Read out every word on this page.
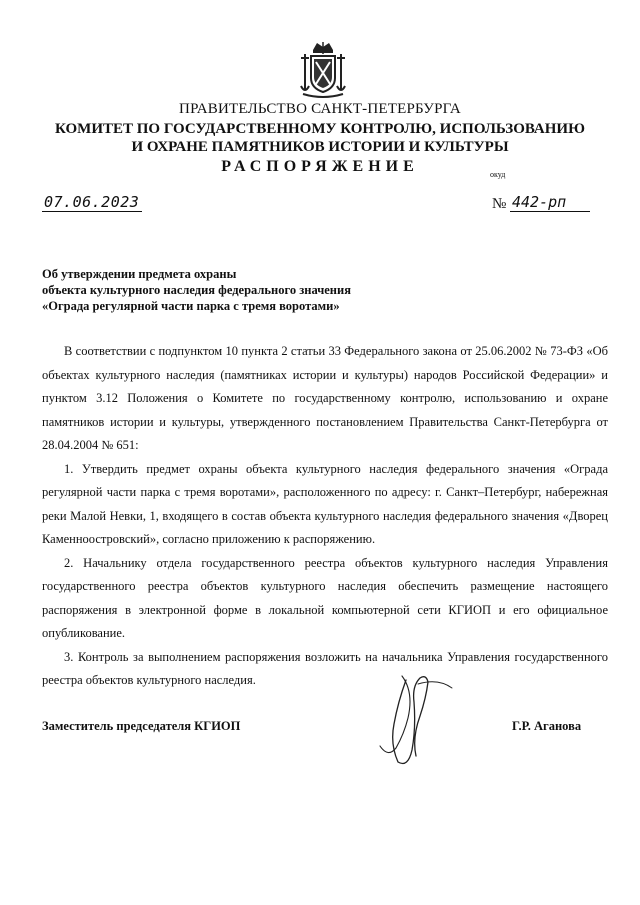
ПРАВИТЕЛЬСТВО САНКТ-ПЕТЕРБУРГА
КОМИТЕТ ПО ГОСУДАРСТВЕННОМУ КОНТРОЛЮ, ИСПОЛЬЗОВАНИЮ
И ОХРАНЕ ПАМЯТНИКОВ ИСТОРИИ И КУЛЬТУРЫ
РАСПОРЯЖЕНИЕ	окуд
07.06.2023	№ 442-рп
Об утверждении предмета охраны
объекта культурного наследия федерального значения
«Ограда регулярной части парка с тремя воротами»

В соответствии с подпунктом 10 пункта 2 статьи 33 Федерального закона от 25.06.2002 № 73-ФЗ «Об объектах культурного наследия (памятниках истории и культуры) народов Российской Федерации» и пунктом 3.12 Положения о Комитете по государственному контролю, использованию и охране памятников истории и культуры, утвержденного постановлением Правительства Санкт-Петербурга от 28.04.2004 № 651:

1. Утвердить предмет охраны объекта культурного наследия федерального значения «Ограда регулярной части парка с тремя воротами», расположенного по адресу: г. Санкт–Петербург, набережная реки Малой Невки, 1, входящего в состав объекта культурного наследия федерального значения «Дворец Каменноостровский», согласно приложению к распоряжению.

2. Начальнику отдела государственного реестра объектов культурного наследия Управления государственного реестра объектов культурного наследия обеспечить размещение настоящего распоряжения в электронной форме в локальной компьютерной сети КГИОП и его официальное опубликование.

3. Контроль за выполнением распоряжения возложить на начальника Управления государственного реестра объектов культурного наследия.

Заместитель председателя КГИОП	Г.Р. Аганова
